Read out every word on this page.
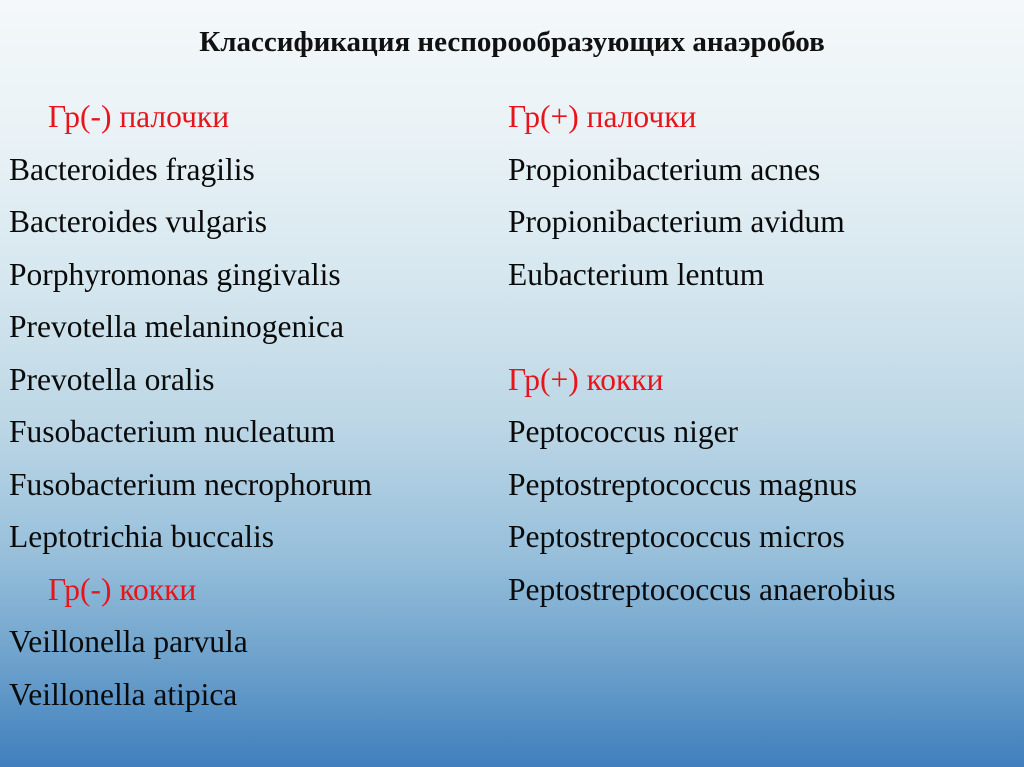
Классификация неспорообразующих анаэробов
Гр(-) палочки
Bacteroides fragilis
Bacteroides vulgaris
Porphyromonas gingivalis
Prevotella melaninogenica
Prevotella oralis
Fusobacterium nucleatum
Fusobacterium necrophorum
Leptotrichia buccalis
Гр(-) кокки
Veillonella parvula
Veillonella atipica
Гр(+) палочки
Propionibacterium acnes
Propionibacterium avidum
Eubacterium lentum
Гр(+) кокки
Peptococcus niger
Peptostreptococcus magnus
Peptostreptococcus micros
Peptostreptococcus anaerobius
